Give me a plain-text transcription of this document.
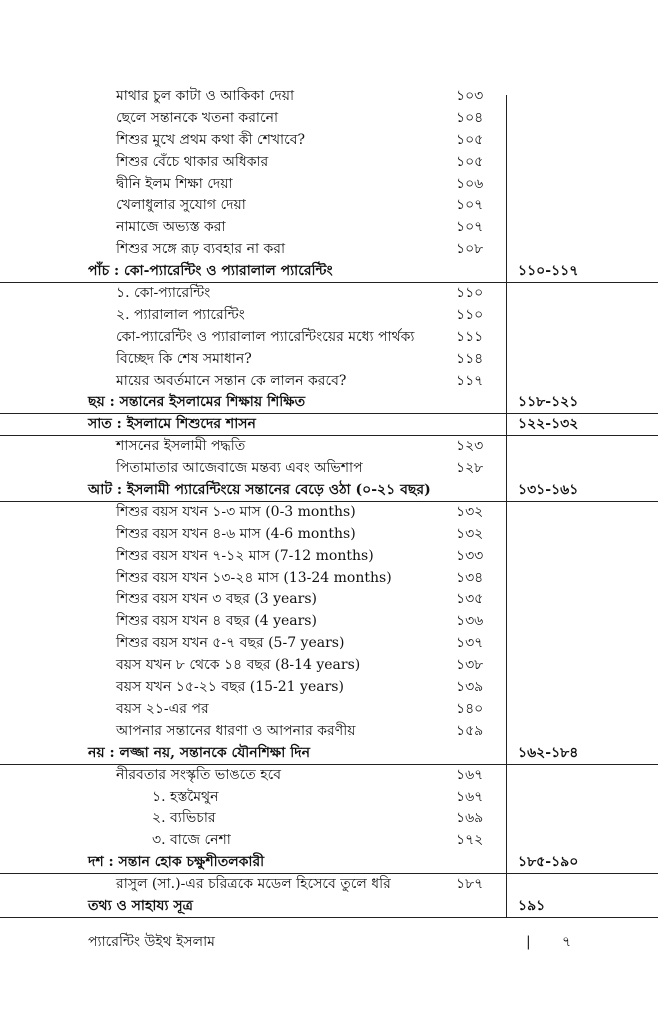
মাথার চুল কাটা ও আকিকা দেয়া	১০৩
ছেলে সন্তানকে খতনা করানো	১০৪
শিশুর মুখে প্রথম কথা কী শেখাবে?	১০৫
শিশুর বেঁচে থাকার অধিকার	১০৫
দ্বীনি ইলম শিক্ষা দেয়া	১০৬
খেলাধুলার সুযোগ দেয়া	১০৭
নামাজে অভ্যস্ত করা	১০৭
শিশুর সঙ্গে রূঢ় ব্যবহার না করা	১০৮
পাঁচ : কো-প্যারেন্টিং ও প্যারালাল প্যারেন্টিং	১১০-১১৭
১. কো-প্যারেন্টিং	১১০
২. প্যারালাল প্যারেন্টিং	১১০
কো-প্যারেন্টিং ও প্যারালাল প্যারেন্টিংয়ের মধ্যে পার্থক্য	১১১
বিচ্ছেদ কি শেষ সমাধান?	১১৪
মায়ের অবর্তমানে সন্তান কে লালন করবে?	১১৭
ছয় : সন্তানের ইসলামের শিক্ষায় শিক্ষিত	১১৮-১২১
সাত : ইসলামে শিশুদের শাসন	১২২-১৩২
শাসনের ইসলামী পদ্ধতি	১২৩
পিতামাতার আজেবাজে মন্তব্য এবং অভিশাপ	১২৮
আট : ইসলামী প্যারেন্টিংয়ে সন্তানের বেড়ে ওঠা (০-২১ বছর)	১৩১-১৬১
শিশুর বয়স যখন ১-৩ মাস (0-3 months)	১৩২
শিশুর বয়স যখন ৪-৬ মাস (4-6 months)	১৩২
শিশুর বয়স যখন ৭-১২ মাস (7-12 months)	১৩৩
শিশুর বয়স যখন ১৩-২৪ মাস (13-24 months)	১৩৪
শিশুর বয়স যখন ৩ বছর (3 years)	১৩৫
শিশুর বয়স যখন ৪ বছর (4 years)	১৩৬
শিশুর বয়স যখন ৫-৭ বছর (5-7 years)	১৩৭
বয়স যখন ৮ থেকে ১৪ বছর (8-14 years)	১৩৮
বয়স যখন ১৫-২১ বছর (15-21 years)	১৩৯
বয়স ২১-এর পর	১৪০
আপনার সন্তানের ধারণা ও আপনার করণীয়	১৫৯
নয় : লজ্জা নয়, সন্তানকে যৌনশিক্ষা দিন	১৬২-১৮৪
নীরবতার সংস্কৃতি ভাঙতে হবে	১৬৭
১. হস্তমৈথুন	১৬৭
২. ব্যভিচার	১৬৯
৩. বাজে নেশা	১৭২
দশ : সন্তান হোক চক্ষুশীতলকারী	১৮৫-১৯০
রাসুল (সা.)-এর চরিত্রকে মডেল হিসেবে তুলে ধরি	১৮৭
তথ্য ও সাহায্য সূত্র	১৯১
প্যারেন্টিং উইথ ইসলাম	| ৭
